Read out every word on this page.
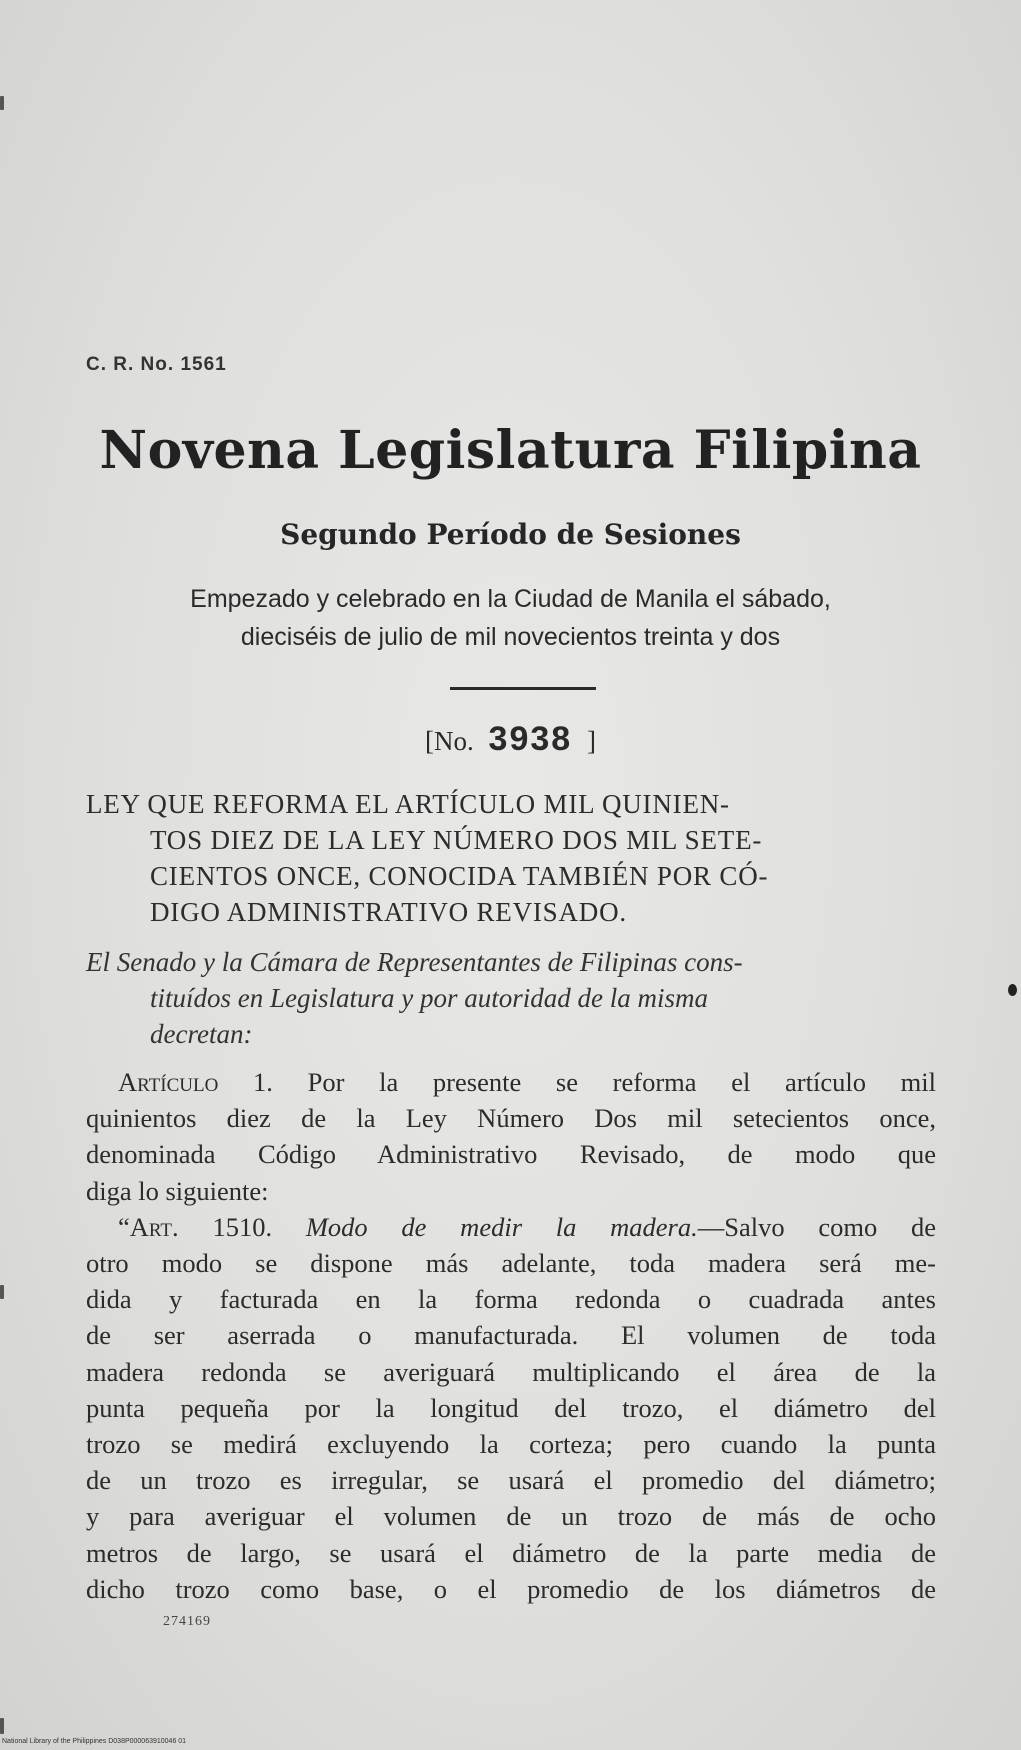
C. R. No. 1561
Novena Legislatura Filipina
Segundo Período de Sesiones
Empezado y celebrado en la Ciudad de Manila el sábado,
dieciséis de julio de mil novecientos treinta y dos
[No. 3938 ]
LEY QUE REFORMA EL ARTÍCULO MIL QUINIEN-
TOS DIEZ DE LA LEY NÚMERO DOS MIL SETE-
CIENTOS ONCE, CONOCIDA TAMBIÉN POR CÓ-
DIGO ADMINISTRATIVO REVISADO.
El Senado y la Cámara de Representantes de Filipinas cons-
tituídos en Legislatura y por autoridad de la misma
decretan:
Artículo 1. Por la presente se reforma el artículo mil
quinientos diez de la Ley Número Dos mil setecientos once,
denominada Código Administrativo Revisado, de modo que
diga lo siguiente:
“Art. 1510. Modo de medir la madera.—Salvo como de
otro modo se dispone más adelante, toda madera será me-
dida y facturada en la forma redonda o cuadrada antes
de ser aserrada o manufacturada. El volumen de toda
madera redonda se averiguará multiplicando el área de la
punta pequeña por la longitud del trozo, el diámetro del
trozo se medirá excluyendo la corteza; pero cuando la punta
de un trozo es irregular, se usará el promedio del diámetro;
y para averiguar el volumen de un trozo de más de ocho
metros de largo, se usará el diámetro de la parte media de
dicho trozo como base, o el promedio de los diámetros de
274169
National Library of the Philippines D038P000063910046 01
